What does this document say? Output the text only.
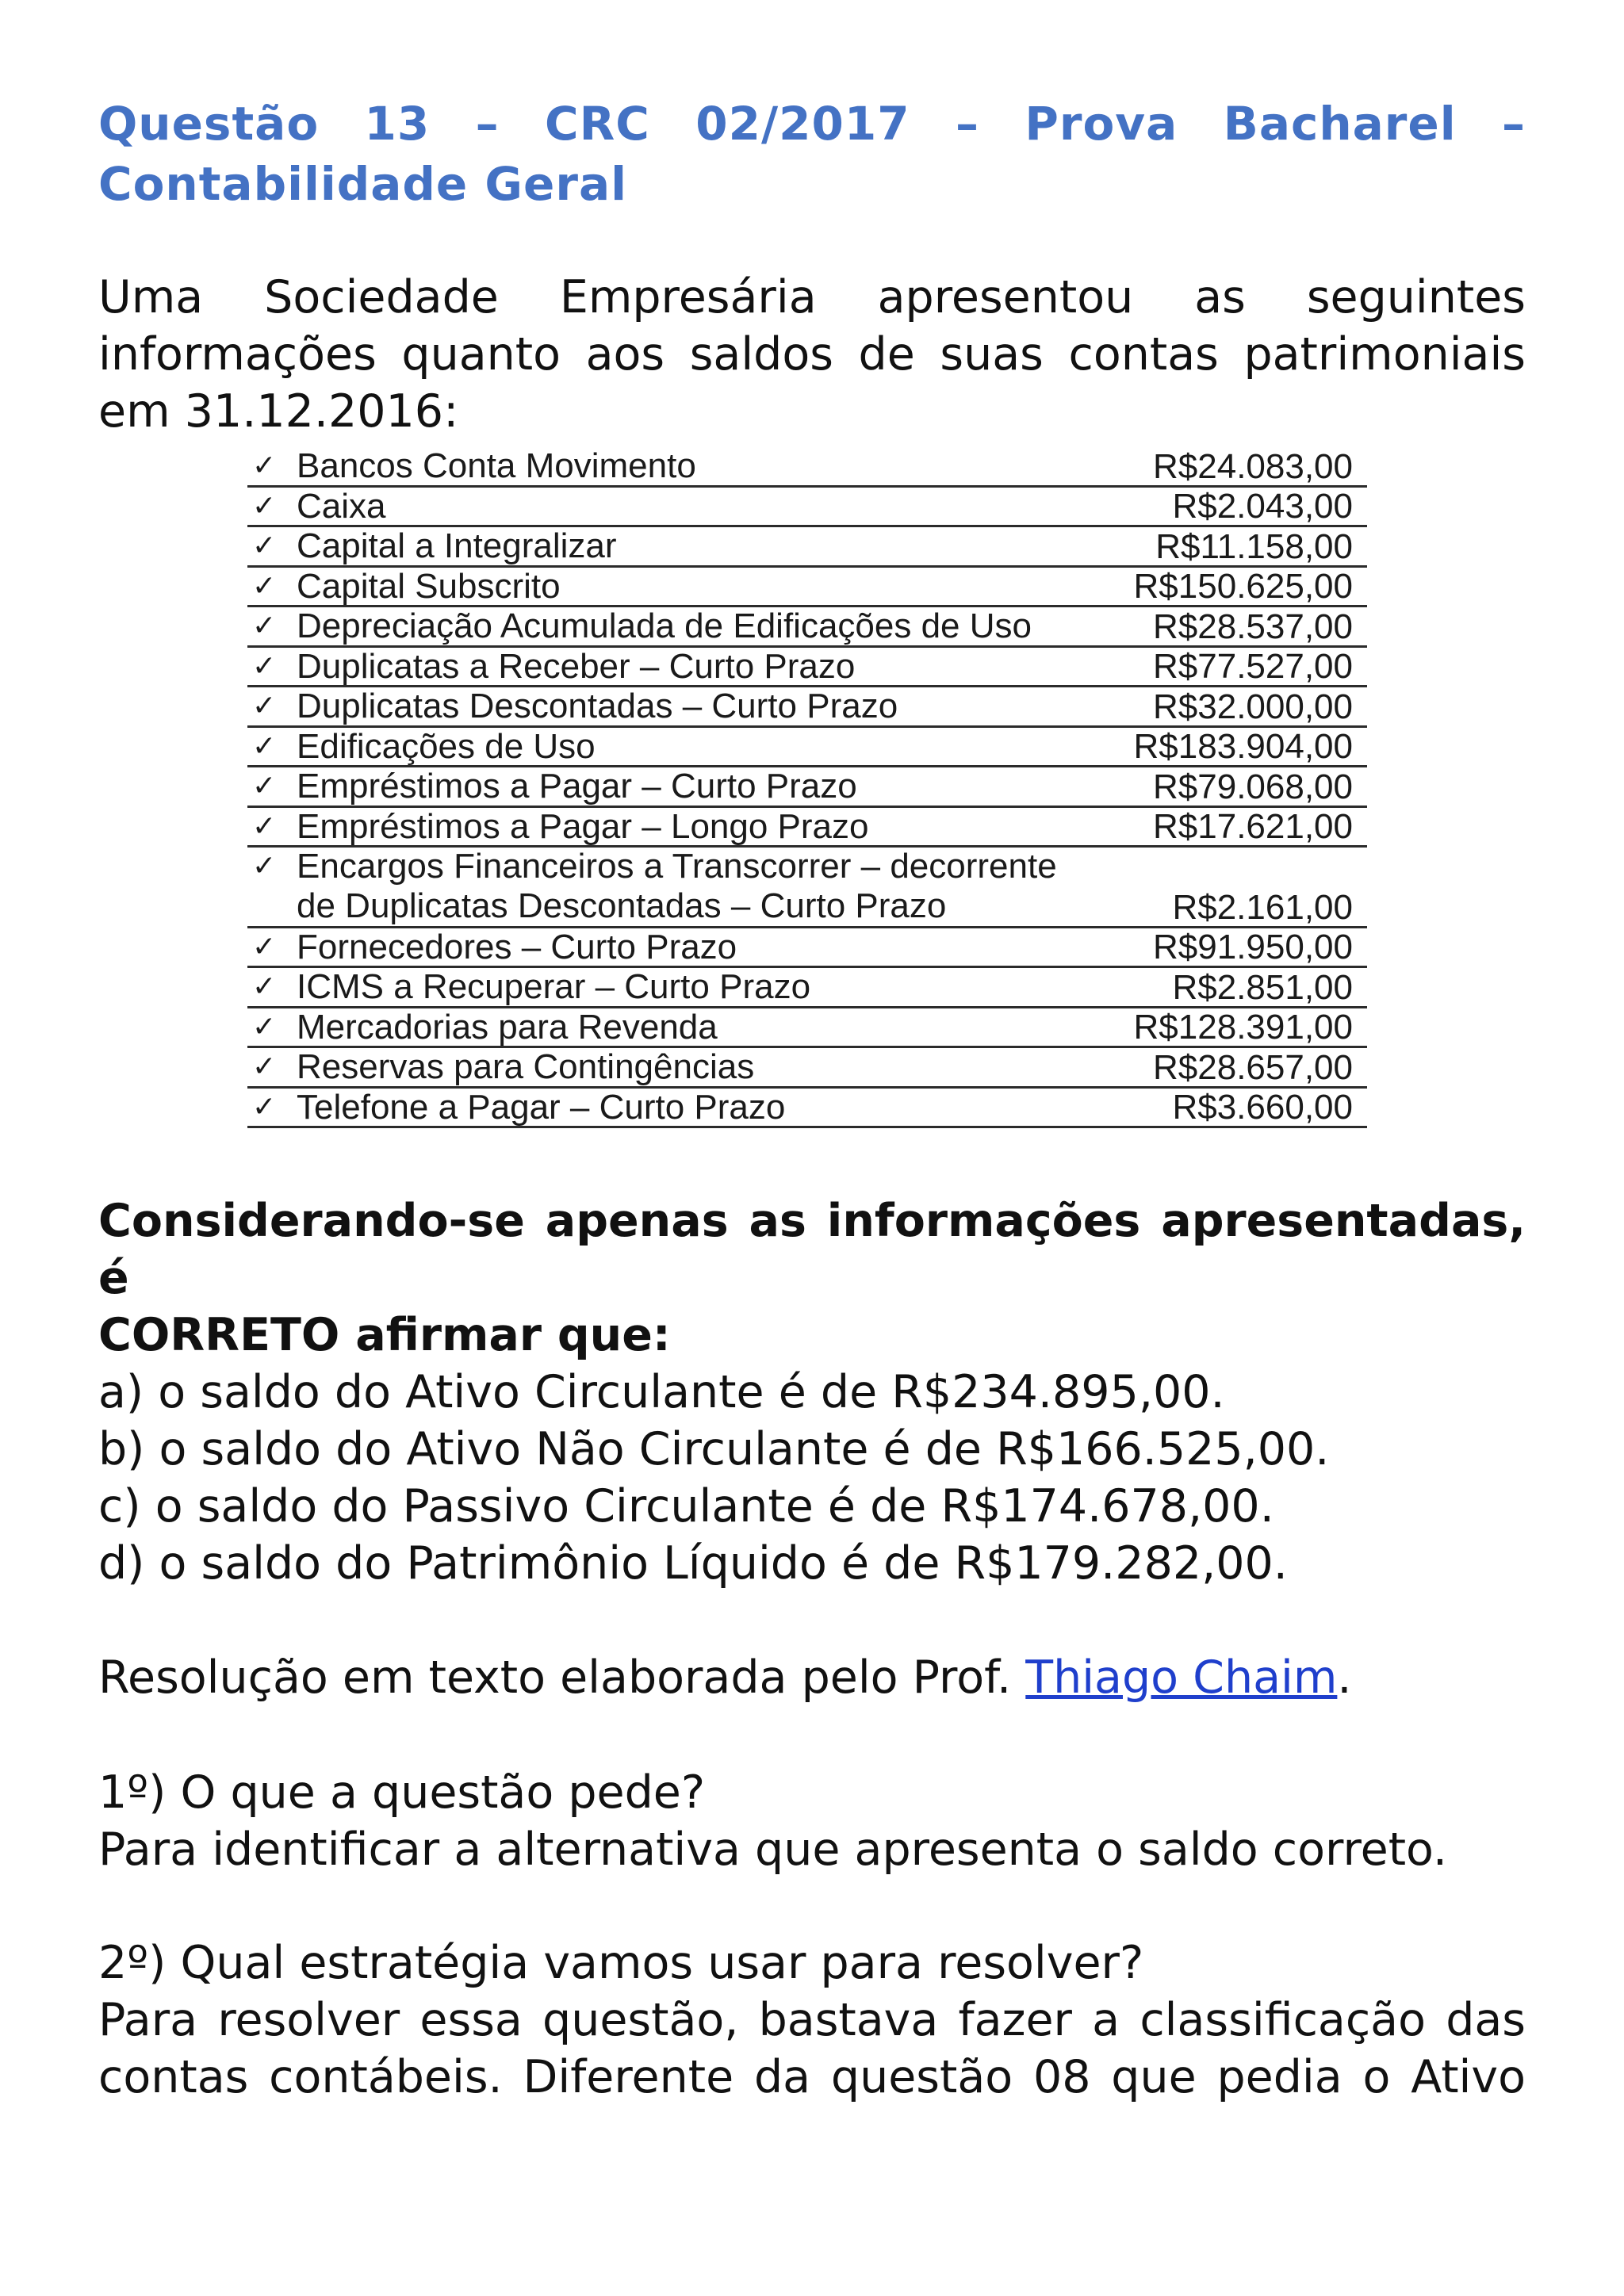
Questão 13 – CRC 02/2017 – Prova Bacharel – Contabilidade Geral

Uma Sociedade Empresária apresentou as seguintes informações quanto aos saldos de suas contas patrimoniais em 31.12.2016:

✓ Bancos Conta Movimento	R$24.083,00
✓ Caixa	R$2.043,00
✓ Capital a Integralizar	R$11.158,00
✓ Capital Subscrito	R$150.625,00
✓ Depreciação Acumulada de Edificações de Uso	R$28.537,00
✓ Duplicatas a Receber – Curto Prazo	R$77.527,00
✓ Duplicatas Descontadas – Curto Prazo	R$32.000,00
✓ Edificações de Uso	R$183.904,00
✓ Empréstimos a Pagar – Curto Prazo	R$79.068,00
✓ Empréstimos a Pagar – Longo Prazo	R$17.621,00
✓ Encargos Financeiros a Transcorrer – decorrente
de Duplicatas Descontadas – Curto Prazo	R$2.161,00
✓ Fornecedores – Curto Prazo	R$91.950,00
✓ ICMS a Recuperar – Curto Prazo	R$2.851,00
✓ Mercadorias para Revenda	R$128.391,00
✓ Reservas para Contingências	R$28.657,00
✓ Telefone a Pagar – Curto Prazo	R$3.660,00

Considerando-se apenas as informações apresentadas, é
CORRETO afirmar que:

a) o saldo do Ativo Circulante é de R$234.895,00.
b) o saldo do Ativo Não Circulante é de R$166.525,00.
c) o saldo do Passivo Circulante é de R$174.678,00.
d) o saldo do Patrimônio Líquido é de R$179.282,00.
Resolução em texto elaborada pelo Prof. Thiago Chaim.
1º) O que a questão pede?
Para identificar a alternativa que apresenta o saldo correto.
2º) Qual estratégia vamos usar para resolver?
Para resolver essa questão, bastava fazer a classificação das
contas contábeis. Diferente da questão 08 que pedia o Ativo
